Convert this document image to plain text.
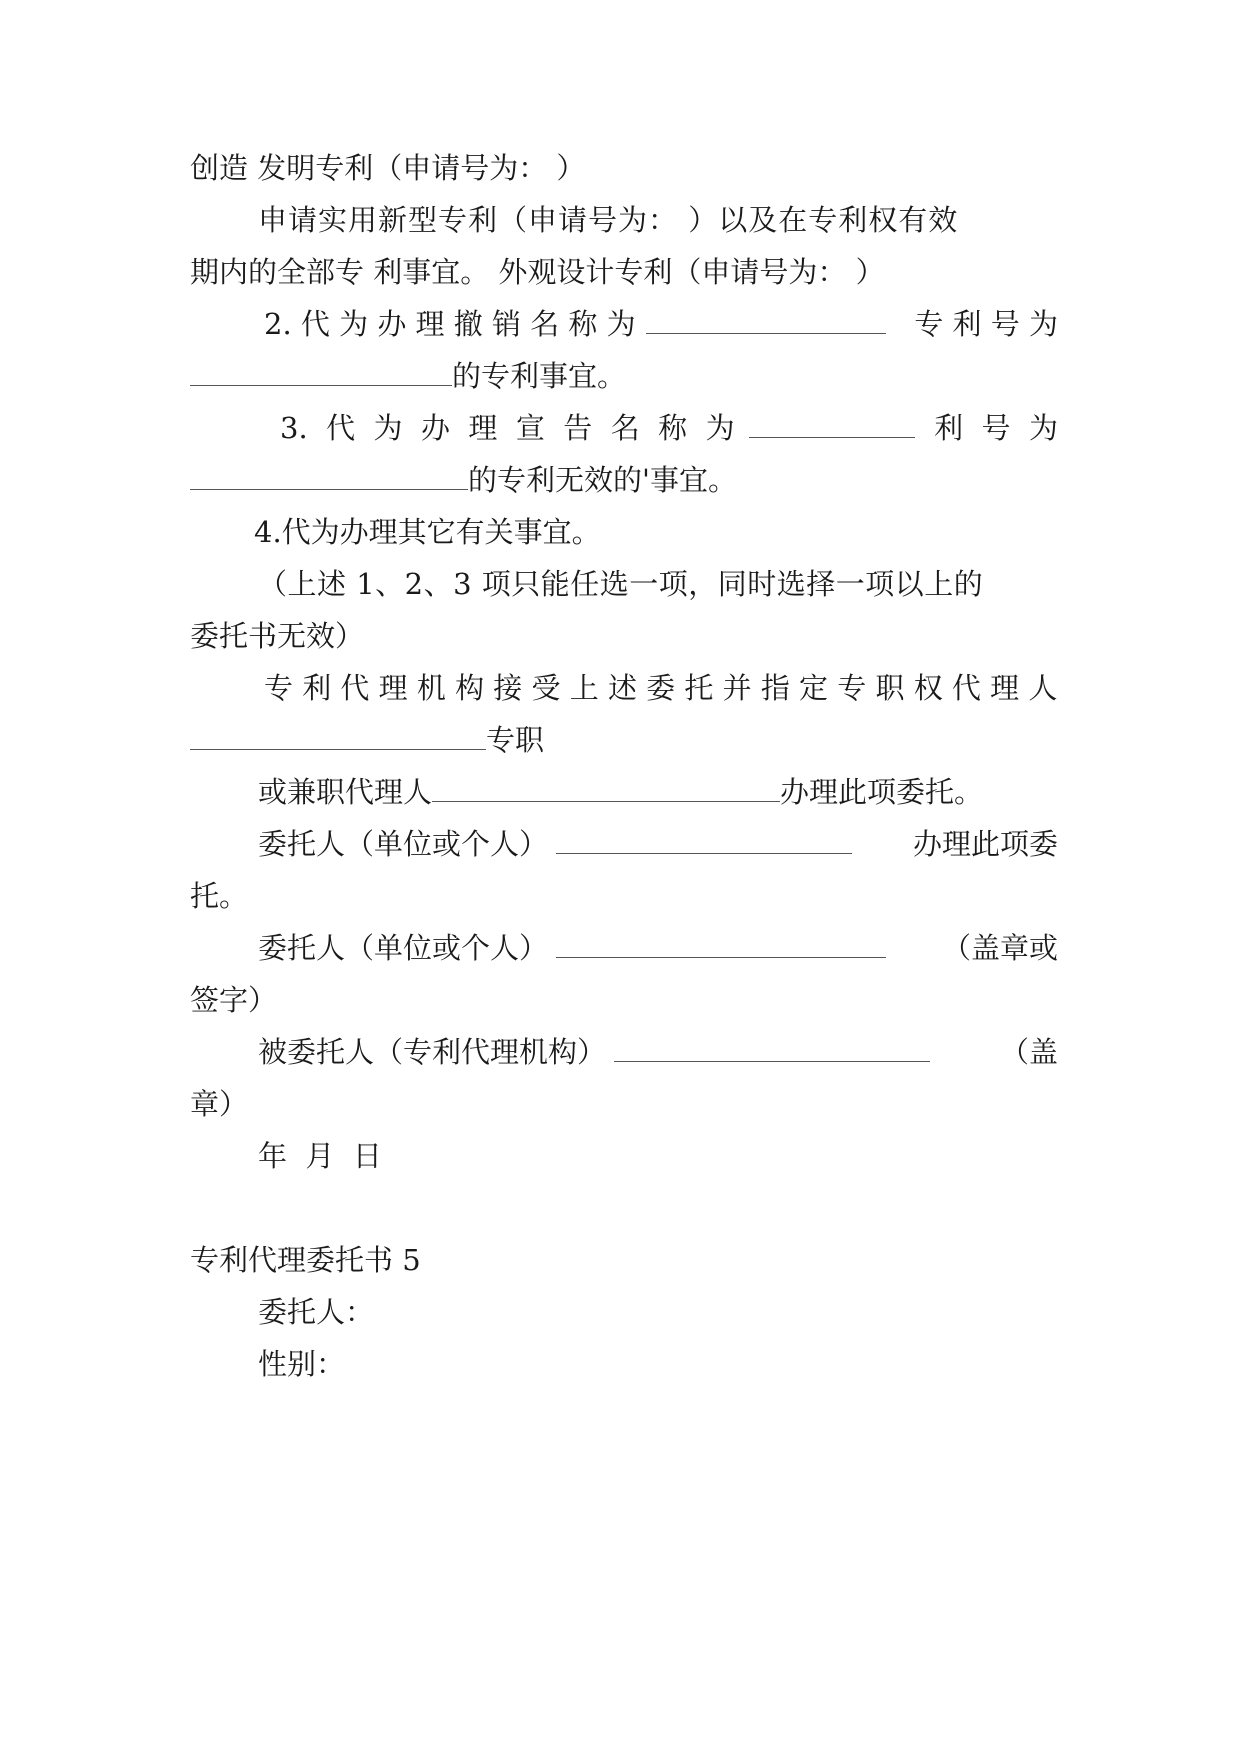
创造 发明专利（申请号为： ）
申请实用新型专利（申请号为： ）以及在专利权有效
期内的全部专 利事宜。 外观设计专利（申请号为： ）
2. 代 为 办 理 撤 销 名 称 为	专 利 号 为
的专利事宜。
3.  代  为  办  理  宣  告  名  称  为	利  号  为
的专利无效的'事宜。
4.代为办理其它有关事宜。
（上述 1、2、3 项只能任选一项，同时选择一项以上的
委托书无效）
专 利 代 理 机 构 接 受 上 述 委 托 并 指 定 专 职 权 代 理 人
专职
或兼职代理人	办理此项委托。
委托人（单位或个人）	办理此项委
托。
委托人（单位或个人）	（盖章或
签字）
被委托人（专利代理机构）	（盖
章）
年  月  日
专利代理委托书 5
委托人：
性别：
